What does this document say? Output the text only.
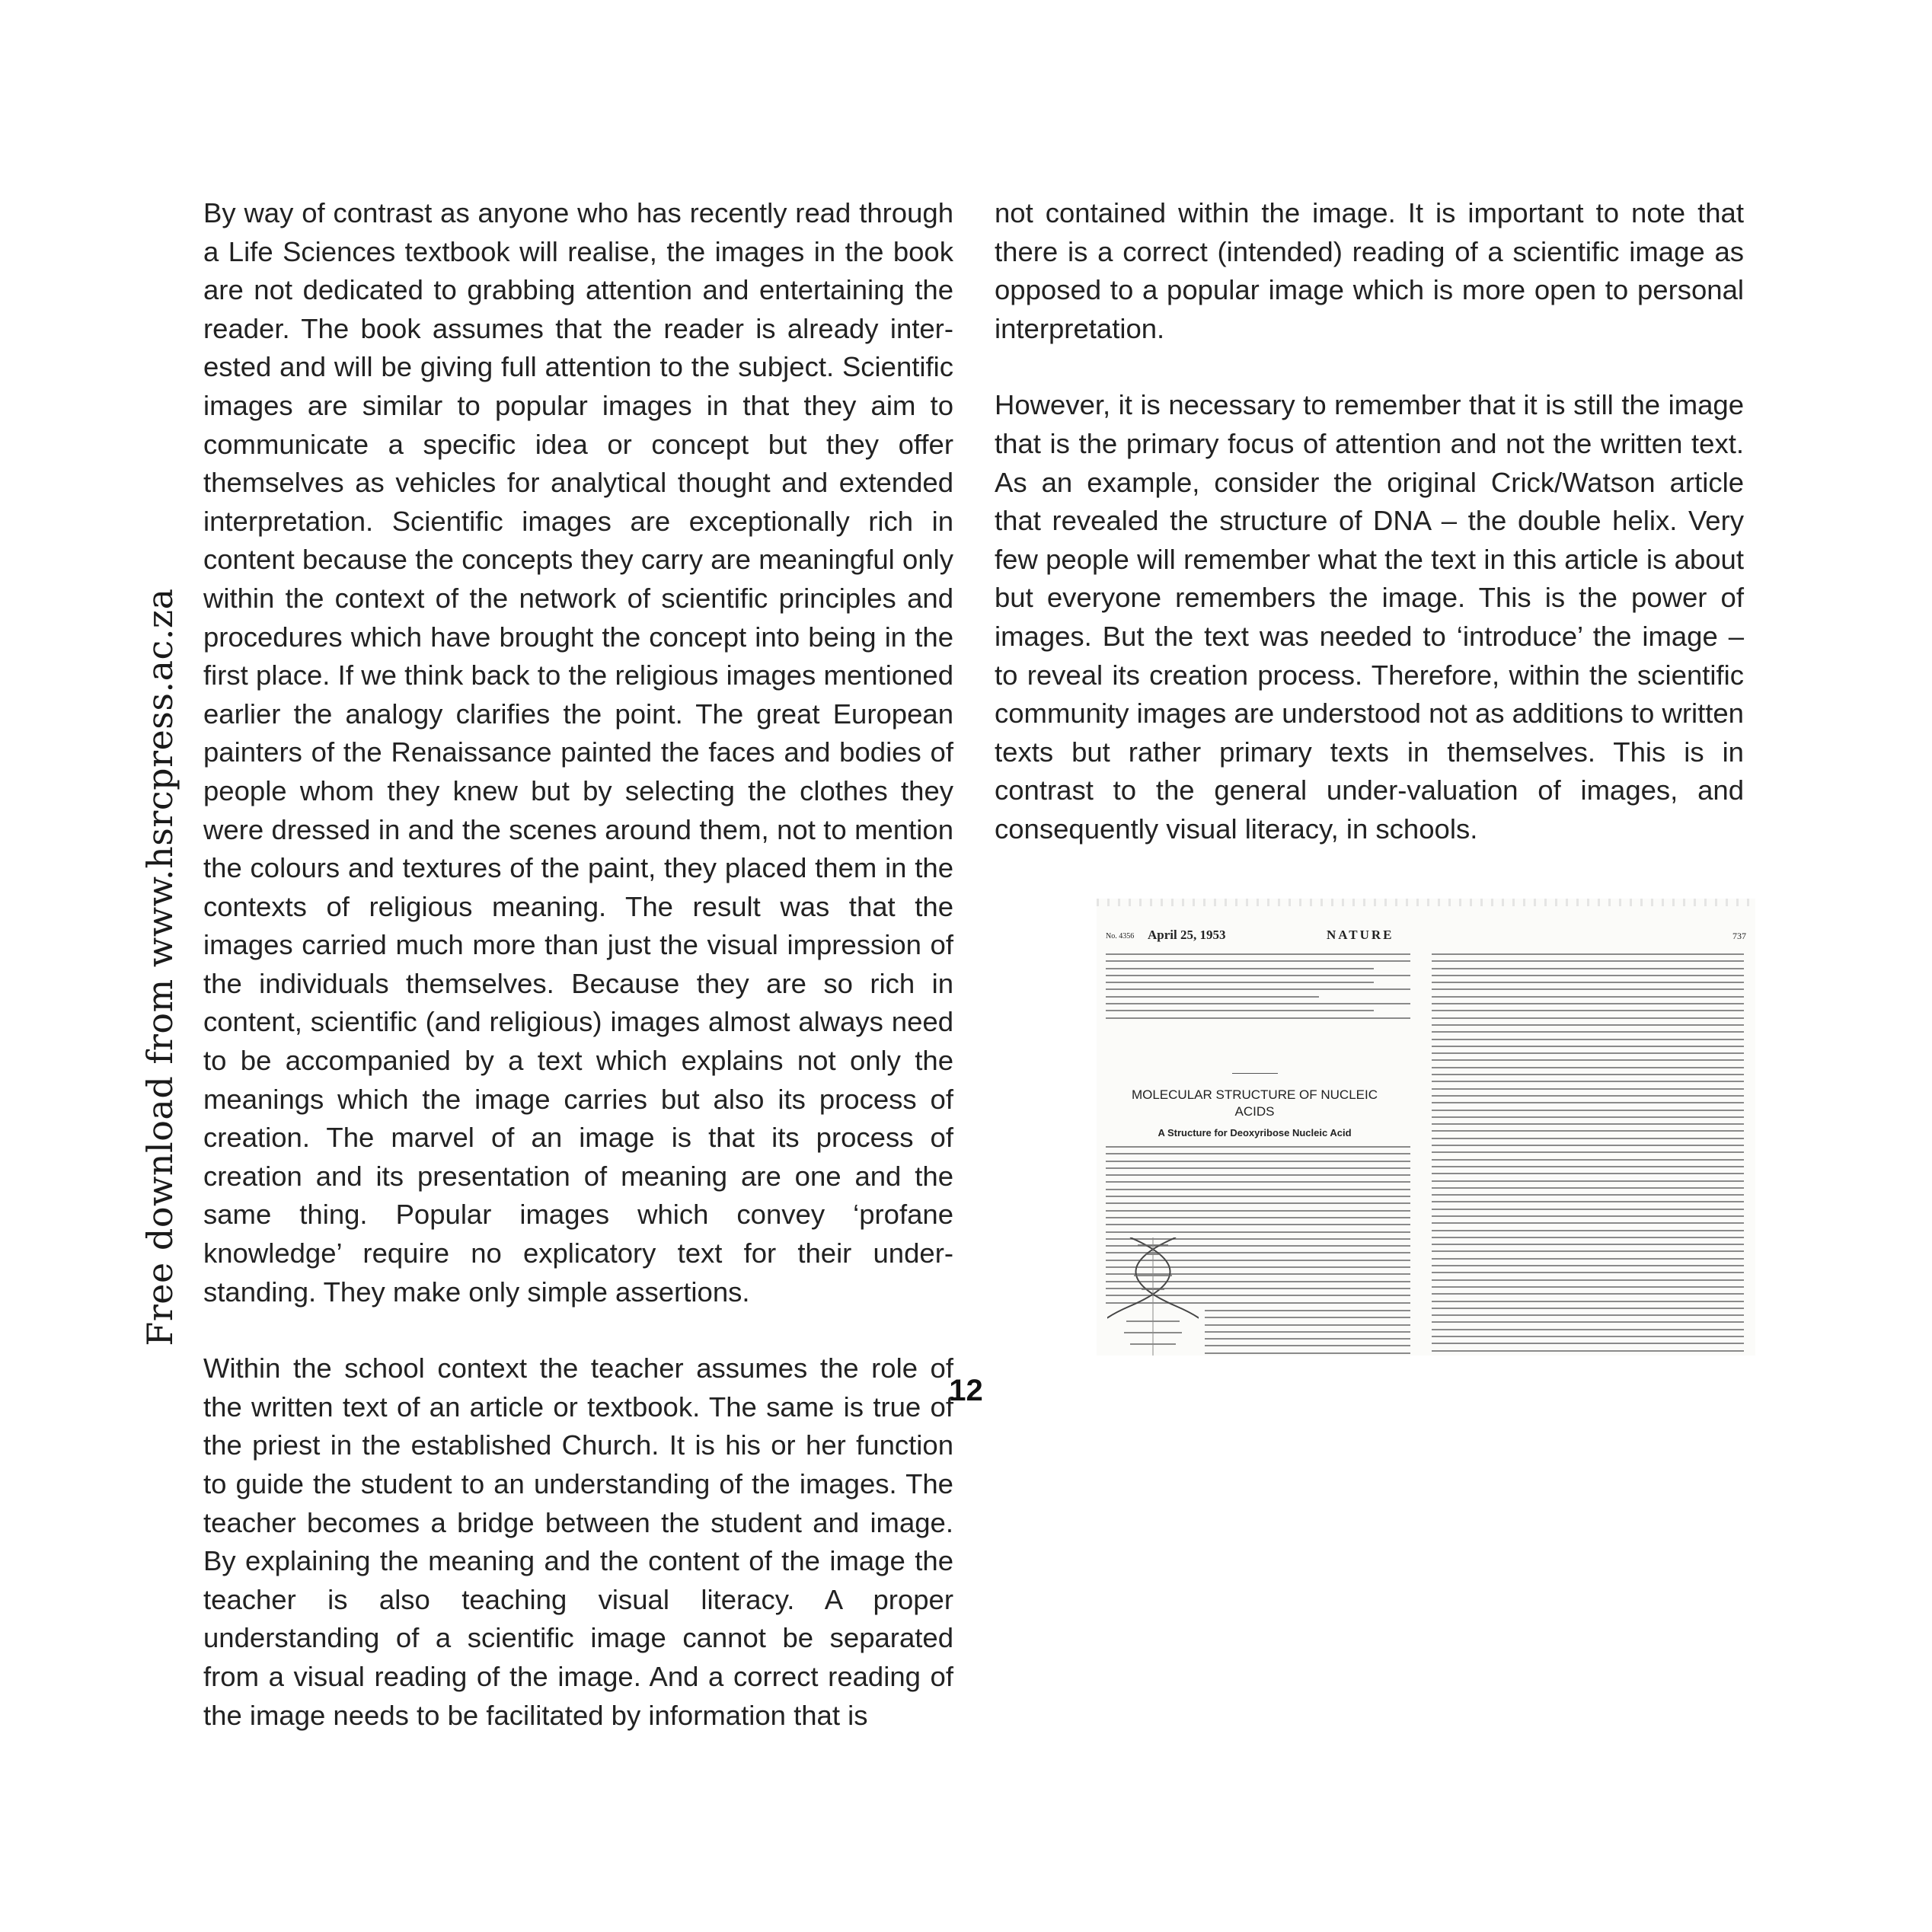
Free download from www.hsrcpress.ac.za

By way of contrast as anyone who has recently read through a Life Sciences textbook will realise, the images in the book are not dedicated to grabbing attention and entertaining the reader. The book assumes that the reader is already interested and will be giving full attention to the subject. Scientific images are similar to popular images in that they aim to communicate a specific idea or concept but they offer themselves as vehicles for analytical thought and extended interpretation. Scientific images are exceptionally rich in content because the concepts they carry are meaningful only within the context of the network of scientific principles and procedures which have brought the concept into being in the first place. If we think back to the religious images mentioned earlier the analogy clarifies the point. The great European painters of the Renaissance painted the faces and bodies of people whom they knew but by selecting the clothes they were dressed in and the scenes around them, not to mention the colours and textures of the paint, they placed them in the contexts of religious meaning. The result was that the images carried much more than just the visual impression of the individuals themselves. Because they are so rich in content, scientific (and religious) images almost always need to be accompanied by a text which explains not only the meanings which the image carries but also its process of creation. The marvel of an image is that its process of creation and its presentation of meaning are one and the same thing. Popular images which convey ‘profane knowledge’ require no explicatory text for their understanding. They make only simple assertions.

Within the school context the teacher assumes the role of the written text of an article or textbook. The same is true of the priest in the established Church. It is his or her function to guide the student to an understanding of the images. The teacher becomes a bridge between the student and image. By explaining the meaning and the content of the image the teacher is also teaching visual literacy. A proper understanding of a scientific image cannot be separated from a visual reading of the image. And a correct reading of the image needs to be facilitated by information that is

not contained within the image. It is important to note that there is a correct (intended) reading of a scientific image as opposed to a popular image which is more open to personal interpretation.

However, it is necessary to remember that it is still the image that is the primary focus of attention and not the written text. As an example, consider the original Crick/Watson article that revealed the structure of DNA – the double helix. Very few people will remember what the text in this article is about but everyone remembers the image. This is the power of images. But the text was needed to ‘introduce’ the image – to reveal its creation process. Therefore, within the scientific community images are understood not as additions to written texts but rather primary texts in themselves. This is in contrast to the general under-valuation of images, and consequently visual literacy, in schools.

No. 4356 April 25, 1953	NATURE	737
MOLECULAR STRUCTURE OF NUCLEIC ACIDS
A Structure for Deoxyribose Nucleic Acid
12
